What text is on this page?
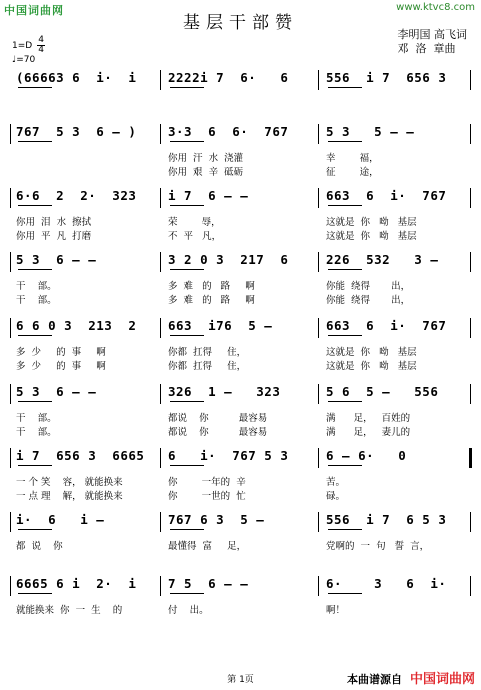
中国词曲网	www.ktvc8.com
基层干部赞
李明国 高飞词
邓  洛  章曲
$1=D \frac{4}{4}$
♩=70
(66663 6  i·  i	2222i 7  6·   6	556  i 7  656 3
767  5 3  6 – )	3·3  6  6·  767
你用  汗  水  浇灌
你用  艰  辛  砥砺
5 3   5 – –
幸        福，
征        途，
6·6  2  2·  323
你用  泪  水  擦拭
你用  平  凡  打磨
i 7  6 – –
荣        辱，
不  平   凡，
663  6  i·  767
这就是  你   呦   基层
这就是  你   呦   基层
5 3  6 – –
干    部。
干    部。
3 2 0 3  217  6
多  难   的   路     啊
多  难   的   路     啊
226  532   3 –
你能  绕得       出，
你能  绕得       出，
6 6 0 3  213  2
多  少     的  事     啊
多  少     的  事     啊
663  i76  5 –
你都  扛得     住，
你都  扛得     住，
663  6  i·  767
这就是  你   呦   基层
这就是  你   呦   基层
5 3  6 – –
干    部。
干    部。
326  1 –   323
都说    你          最容易
都说    你          最容易
5 6  5 –   556
满      足，   百姓的
满      足，   妻儿的
i 7  656 3  6665
一 个 笑    容， 就能换来
一 点 理    解， 就能换来
6   i·  767 5 3
你        一年的  辛
你        一世的  忙
6 – 6·   0
苦。
碌。
i·  6   i –
都  说    你
767 6 3  5 –
最懂得  富     足，
556  i 7  6 5 3
党啊的  一  句   誓  言，
6665 6 i  2·  i
就能换来  你  一  生    的
7 5  6 – –
付    出。
6·    3   6  i·
啊！
第 1页	本曲谱源自 中国词曲网
